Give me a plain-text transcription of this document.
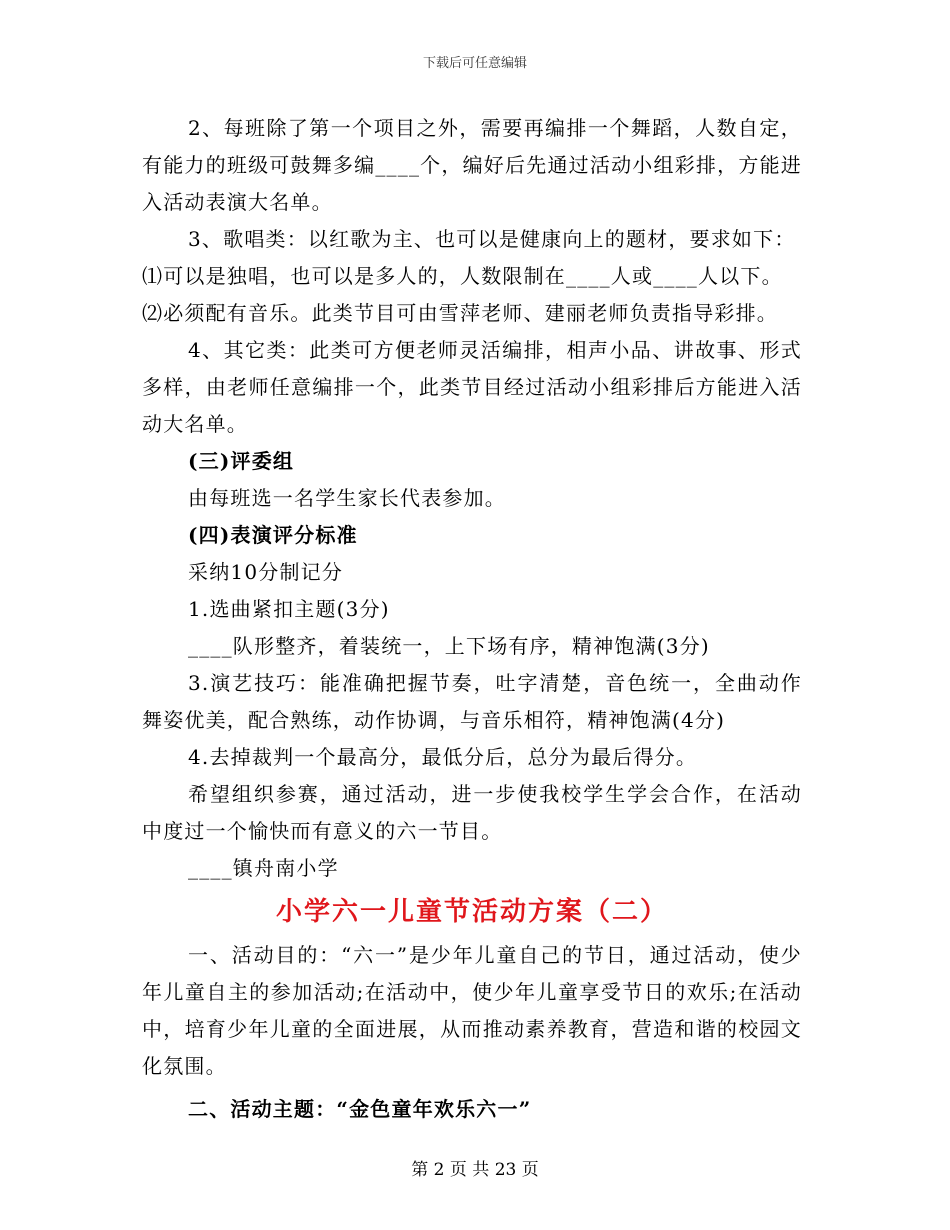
下载后可任意编辑

2、每班除了第一个项目之外，需要再编排一个舞蹈，人数自定，有能力的班级可鼓舞多编____个，编好后先通过活动小组彩排，方能进入活动表演大名单。

3、歌唱类：以红歌为主、也可以是健康向上的题材，要求如下：

⑴可以是独唱，也可以是多人的，人数限制在____人或____人以下。

⑵必须配有音乐。此类节目可由雪萍老师、建丽老师负责指导彩排。

4、其它类：此类可方便老师灵活编排，相声小品、讲故事、形式多样，由老师任意编排一个，此类节目经过活动小组彩排后方能进入活动大名单。

(三)评委组

由每班选一名学生家长代表参加。

(四)表演评分标准

采纳10分制记分

1.选曲紧扣主题(3分)

____队形整齐，着装统一，上下场有序，精神饱满(3分)

3.演艺技巧：能准确把握节奏，吐字清楚，音色统一，全曲动作舞姿优美，配合熟练，动作协调，与音乐相符，精神饱满(4分)

4.去掉裁判一个最高分，最低分后，总分为最后得分。

希望组织参赛，通过活动，进一步使我校学生学会合作，在活动中度过一个愉快而有意义的六一节目。

____镇舟南小学

小学六一儿童节活动方案（二）

一、活动目的：“六一”是少年儿童自己的节日，通过活动，使少年儿童自主的参加活动;在活动中，使少年儿童享受节日的欢乐;在活动中，培育少年儿童的全面进展，从而推动素养教育，营造和谐的校园文化氛围。

二、活动主题：“金色童年欢乐六一”

第 2 页 共 23 页
